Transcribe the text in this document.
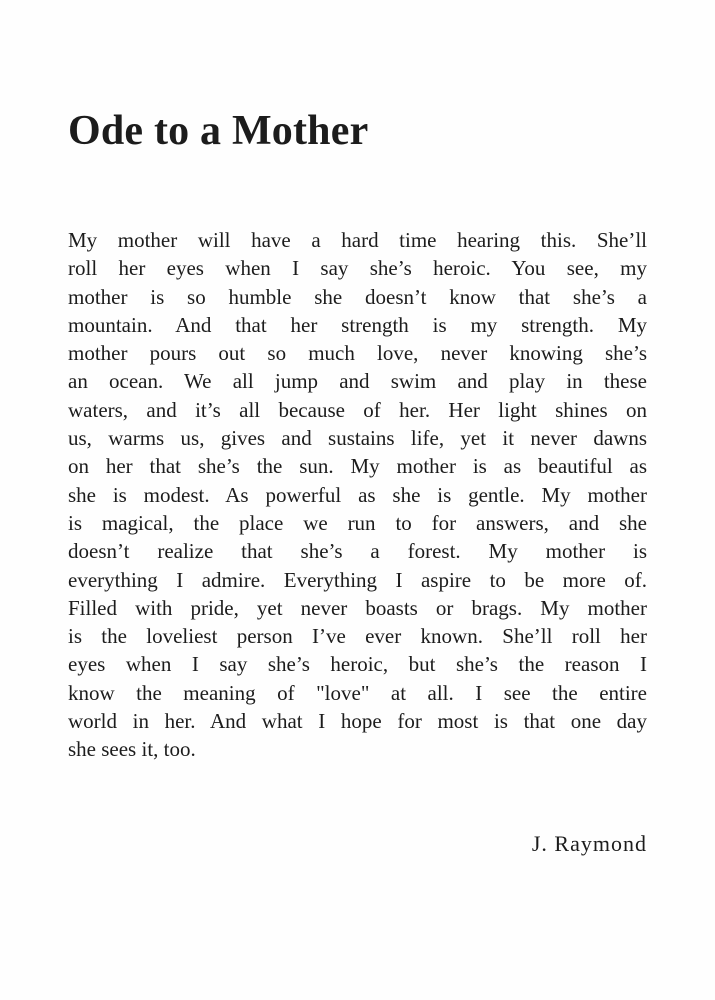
Ode to a Mother
My mother will have a hard time hearing this. She’ll
roll her eyes when I say she’s heroic. You see, my
mother is so humble she doesn’t know that she’s a
mountain. And that her strength is my strength. My
mother pours out so much love, never knowing she’s
an ocean. We all jump and swim and play in these
waters, and it’s all because of her. Her light shines on
us, warms us, gives and sustains life, yet it never dawns
on her that she’s the sun. My mother is as beautiful as
she is modest. As powerful as she is gentle. My mother
is magical, the place we run to for answers, and she
doesn’t realize that she’s a forest. My mother is
everything I admire. Everything I aspire to be more of.
Filled with pride, yet never boasts or brags. My mother
is the loveliest person I’ve ever known. She’ll roll her
eyes when I say she’s heroic, but she’s the reason I
know the meaning of "love" at all. I see the entire
world in her. And what I hope for most is that one day
she sees it, too.
J. Raymond
